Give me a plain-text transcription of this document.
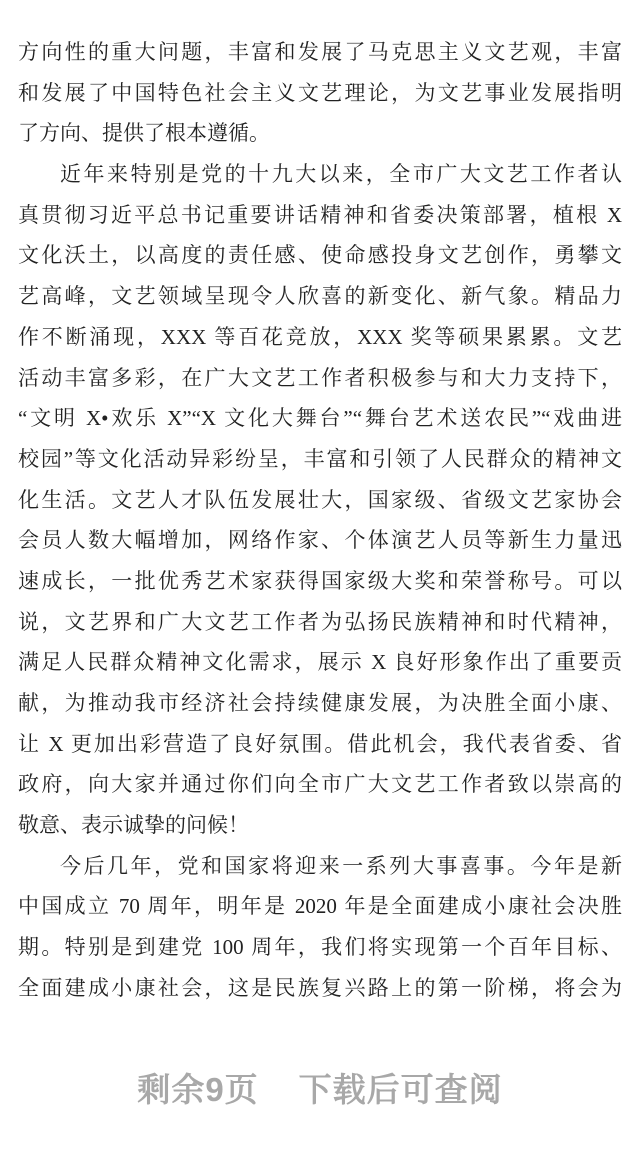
方向性的重大问题，丰富和发展了马克思主义文艺观，丰富
和发展了中国特色社会主义文艺理论，为文艺事业发展指明
了方向、提供了根本遵循。
近年来特别是党的十九大以来，全市广大文艺工作者认
真贯彻习近平总书记重要讲话精神和省委决策部署，植根 X
文化沃土，以高度的责任感、使命感投身文艺创作，勇攀文
艺高峰，文艺领域呈现令人欣喜的新变化、新气象。精品力
作不断涌现，XXX 等百花竞放，XXX 奖等硕果累累。文艺
活动丰富多彩，在广大文艺工作者积极参与和大力支持下，
“文明 X•欢乐 X”“X 文化大舞台”“舞台艺术送农民”“戏曲进
校园”等文化活动异彩纷呈，丰富和引领了人民群众的精神文
化生活。文艺人才队伍发展壮大，国家级、省级文艺家协会
会员人数大幅增加，网络作家、个体演艺人员等新生力量迅
速成长，一批优秀艺术家获得国家级大奖和荣誉称号。可以
说，文艺界和广大文艺工作者为弘扬民族精神和时代精神，
满足人民群众精神文化需求，展示 X 良好形象作出了重要贡
献，为推动我市经济社会持续健康发展，为决胜全面小康、
让 X 更加出彩营造了良好氛围。借此机会，我代表省委、省
政府，向大家并通过你们向全市广大文艺工作者致以崇高的
敬意、表示诚挚的问候！
今后几年，党和国家将迎来一系列大事喜事。今年是新
中国成立 70 周年，明年是 2020 年是全面建成小康社会决胜
期。特别是到建党 100 周年，我们将实现第一个百年目标、
全面建成小康社会，这是民族复兴路上的第一阶梯，将会为
剩余9页 下载后可查阅
